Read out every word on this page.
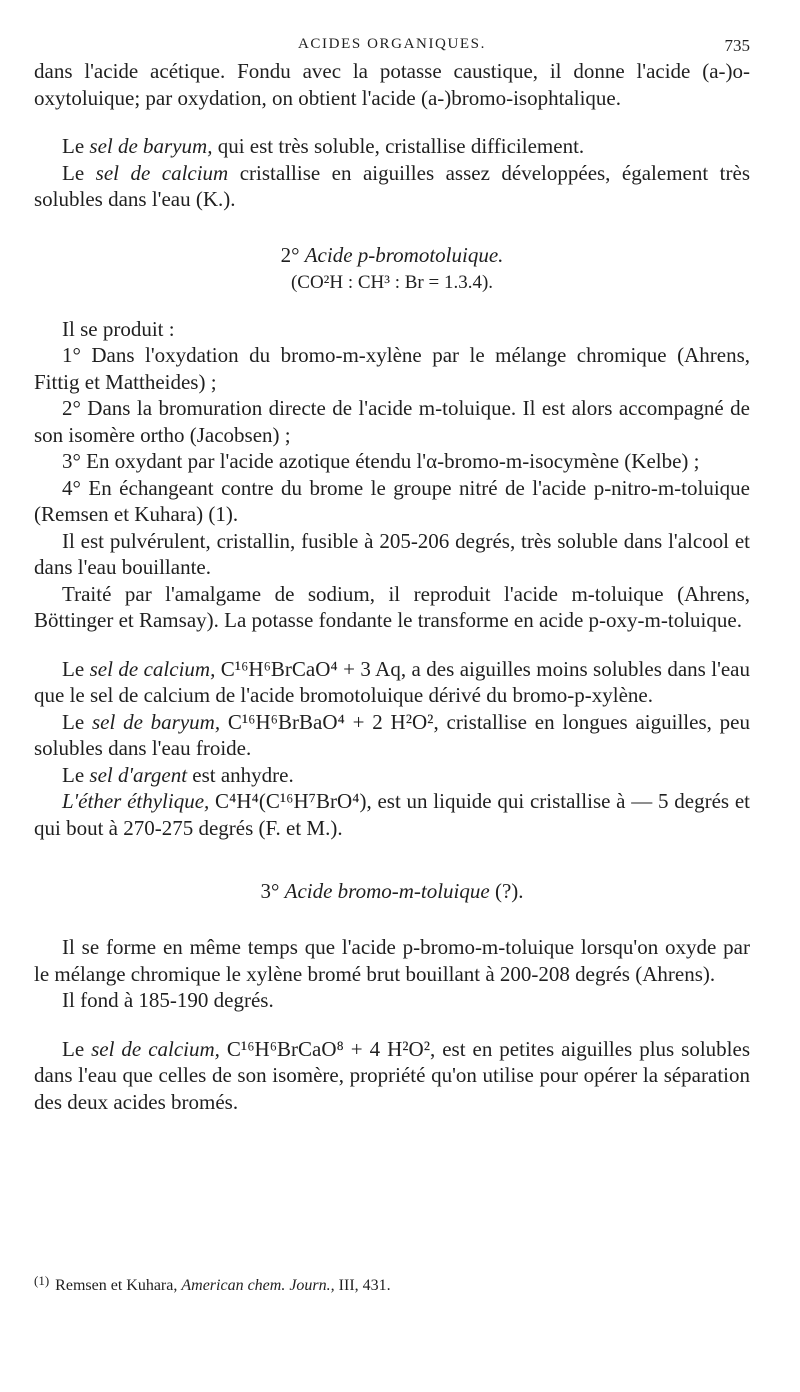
ACIDES ORGANIQUES.	735

dans l'acide acétique. Fondu avec la potasse caustique, il donne l'acide (a-)o-oxytoluique; par oxydation, on obtient l'acide (a-)bromo-isophtalique.

Le sel de baryum, qui est très soluble, cristallise difficilement.

Le sel de calcium cristallise en aiguilles assez développées, également très solubles dans l'eau (K.).

2° Acide p-bromotoluique.
(CO²H : CH³ : Br = 1.3.4).

Il se produit :

1° Dans l'oxydation du bromo-m-xylène par le mélange chromique (Ahrens, Fittig et Mattheides) ;

2° Dans la bromuration directe de l'acide m-toluique. Il est alors accompagné de son isomère ortho (Jacobsen) ;

3° En oxydant par l'acide azotique étendu l'α-bromo-m-isocymène (Kelbe) ;

4° En échangeant contre du brome le groupe nitré de l'acide p-nitro-m-toluique (Remsen et Kuhara) (1).

Il est pulvérulent, cristallin, fusible à 205-206 degrés, très soluble dans l'alcool et dans l'eau bouillante.

Traité par l'amalgame de sodium, il reproduit l'acide m-toluique (Ahrens, Böttinger et Ramsay). La potasse fondante le transforme en acide p-oxy-m-toluique.

Le sel de calcium, C¹⁶H⁶BrCaO⁴ + 3 Aq, a des aiguilles moins solubles dans l'eau que le sel de calcium de l'acide bromotoluique dérivé du bromo-p-xylène.

Le sel de baryum, C¹⁶H⁶BrBaO⁴ + 2 H²O², cristallise en longues aiguilles, peu solubles dans l'eau froide.

Le sel d'argent est anhydre.

L'éther éthylique, C⁴H⁴(C¹⁶H⁷BrO⁴), est un liquide qui cristallise à — 5 degrés et qui bout à 270-275 degrés (F. et M.).

3° Acide bromo-m-toluique (?).

Il se forme en même temps que l'acide p-bromo-m-toluique lorsqu'on oxyde par le mélange chromique le xylène bromé brut bouillant à 200-208 degrés (Ahrens).

Il fond à 185-190 degrés.

Le sel de calcium, C¹⁶H⁶BrCaO⁸ + 4 H²O², est en petites aiguilles plus solubles dans l'eau que celles de son isomère, propriété qu'on utilise pour opérer la séparation des deux acides bromés.

$^{(1)}$ Remsen et Kuhara, American chem. Journ., III, 431.
